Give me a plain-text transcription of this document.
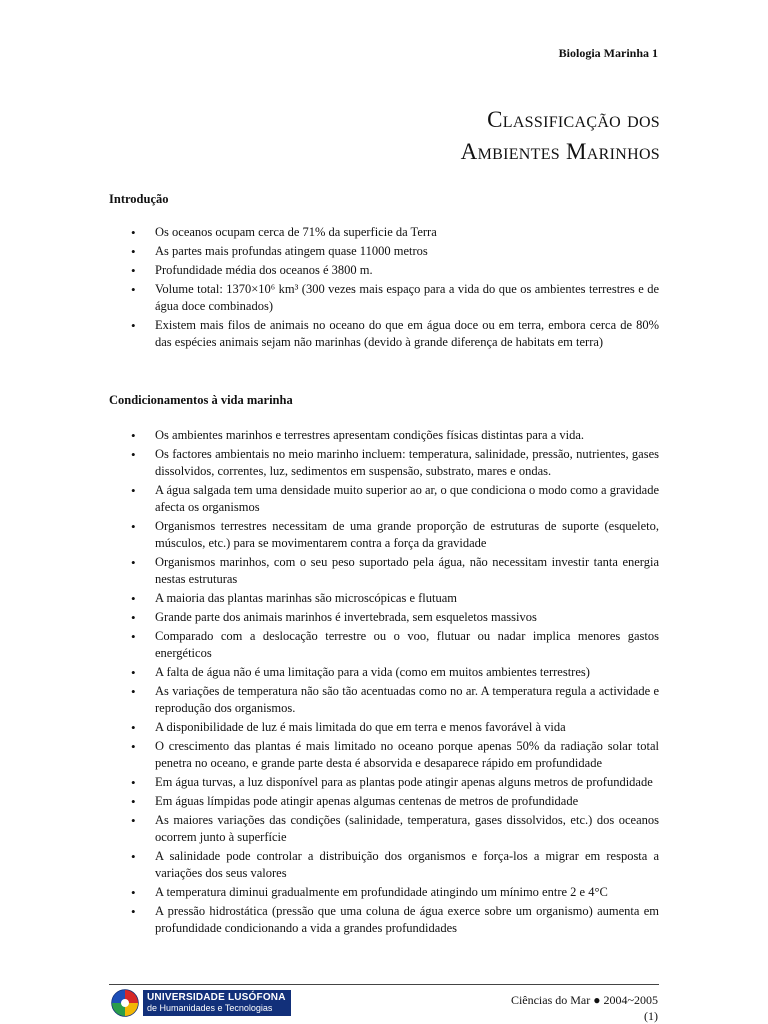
Biologia Marinha 1
Classificação dos
Ambientes Marinhos
Introdução
• Os oceanos ocupam cerca de 71% da superficie da Terra
• As partes mais profundas atingem quase 11000 metros
• Profundidade média dos oceanos é 3800 m.
• Volume total: 1370×10⁶ km³ (300 vezes mais espaço para a vida do que os ambientes terrestres e de água doce combinados)
• Existem mais filos de animais no oceano do que em água doce ou em terra, embora cerca de 80% das espécies animais sejam não marinhas (devido à grande diferença de habitats em terra)
Condicionamentos à vida marinha
• Os ambientes marinhos e terrestres apresentam condições físicas distintas para a vida.
• Os factores ambientais no meio marinho incluem: temperatura, salinidade, pressão, nutrientes, gases dissolvidos, correntes, luz, sedimentos em suspensão, substrato, mares e ondas.
• A água salgada tem uma densidade muito superior ao ar, o que condiciona o modo como a gravidade afecta os organismos
• Organismos terrestres necessitam de uma grande proporção de estruturas de suporte (esqueleto, músculos, etc.) para se movimentarem contra a força da gravidade
• Organismos marinhos, com o seu peso suportado pela água, não necessitam investir tanta energia nestas estruturas
• A maioria das plantas marinhas são microscópicas e flutuam
• Grande parte dos animais marinhos é invertebrada, sem esqueletos massivos
• Comparado com a deslocação terrestre ou o voo, flutuar ou nadar implica menores gastos energéticos
• A falta de água não é uma limitação para a vida (como em muitos ambientes terrestres)
• As variações de temperatura não são tão acentuadas como no ar. A temperatura regula a actividade e reprodução dos organismos.
• A disponibilidade de luz é mais limitada do que em terra e menos favorável à vida
• O crescimento das plantas é mais limitado no oceano porque apenas 50% da radiação solar total penetra no oceano, e grande parte desta é absorvida e desaparece rápido em profundidade
• Em água turvas, a luz disponível para as plantas pode atingir apenas alguns metros de profundidade
• Em águas límpidas pode atingir apenas algumas centenas de metros de profundidade
• As maiores variações das condições (salinidade, temperatura, gases dissolvidos, etc.) dos oceanos ocorrem junto à superfície
• A salinidade pode controlar a distribuição dos organismos e força-los a migrar em resposta a variações dos seus valores
• A temperatura diminui gradualmente em profundidade atingindo um mínimo entre 2 e 4°C
• A pressão hidrostática (pressão que uma coluna de água exerce sobre um organismo) aumenta em profundidade condicionando a vida a grandes profundidades
UNIVERSIDADE LUSÓFONA
de Humanidades e Tecnologias
Ciências do Mar ● 2004~2005
(1)
